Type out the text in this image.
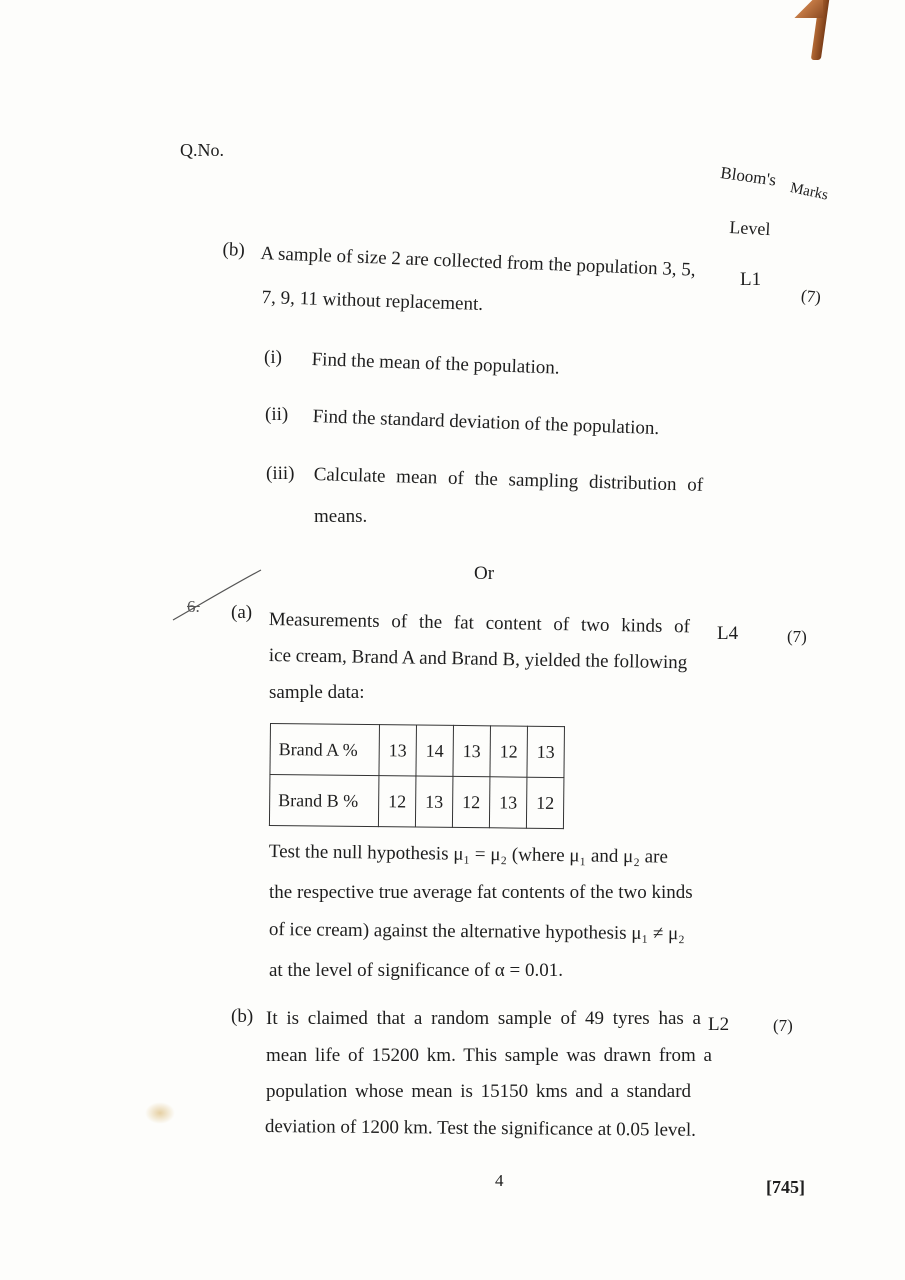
Q.No.
Bloom's
Marks
Level
(b) A sample of size 2 are collected from the population 3, 5,
7, 9, 11 without replacement.
L1
(7)
(i) Find the mean of the population.
(ii) Find the standard deviation of the population.
(iii) Calculate mean of the sampling distribution of
means.
Or
6. (a) Measurements of the fat content of two kinds of
ice cream, Brand A and Brand B, yielded the following
sample data:
L4	(7)
Brand A %	13	14	13	12	13
Brand B %	12	13	12	13	12
Test the null hypothesis μ₁ = μ₂ (where μ₁ and μ₂ are
the respective true average fat contents of the two kinds
of ice cream) against the alternative hypothesis μ₁ ≠ μ₂
at the level of significance of α = 0.01.
(b) It is claimed that a random sample of 49 tyres has a
mean life of 15200 km. This sample was drawn from a
population whose mean is 15150 kms and a standard
deviation of 1200 km. Test the significance at 0.05 level.
L2	(7)
4	[745]
